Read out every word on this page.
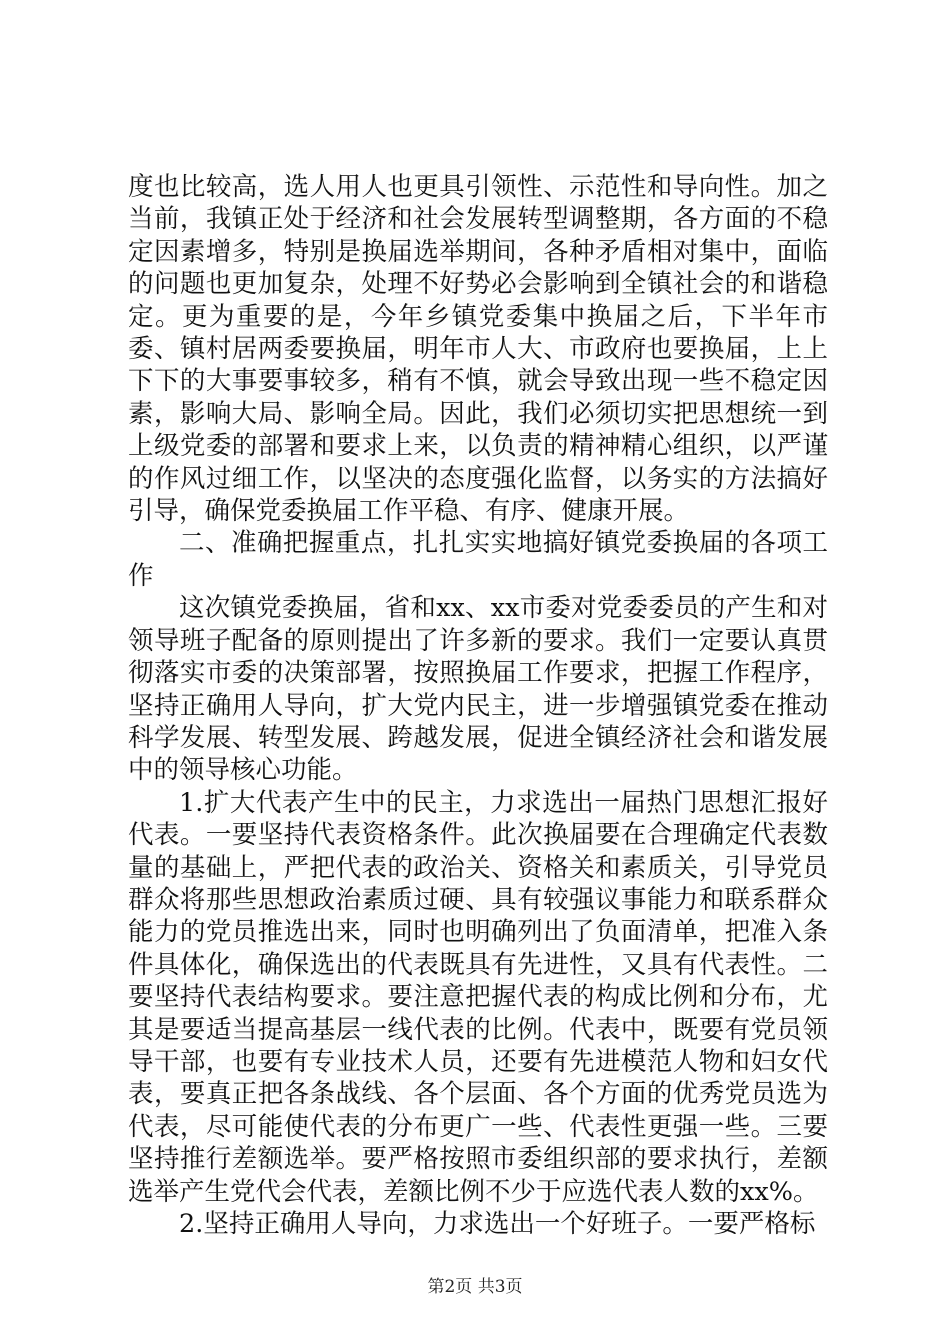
度也比较高，选人用人也更具引领性、示范性和导向性。加之当前，我镇正处于经济和社会发展转型调整期，各方面的不稳定因素增多，特别是换届选举期间，各种矛盾相对集中，面临的问题也更加复杂，处理不好势必会影响到全镇社会的和谐稳定。更为重要的是，今年乡镇党委集中换届之后，下半年市委、镇村居两委要换届，明年市人大、市政府也要换届，上上下下的大事要事较多，稍有不慎，就会导致出现一些不稳定因素，影响大局、影响全局。因此，我们必须切实把思想统一到上级党委的部署和要求上来，以负责的精神精心组织，以严谨的作风过细工作，以坚决的态度强化监督，以务实的方法搞好引导，确保党委换届工作平稳、有序、健康开展。

二、准确把握重点，扎扎实实地搞好镇党委换届的各项工作

这次镇党委换届，省和xx、xx市委对党委委员的产生和对领导班子配备的原则提出了许多新的要求。我们一定要认真贯彻落实市委的决策部署，按照换届工作要求，把握工作程序，坚持正确用人导向，扩大党内民主，进一步增强镇党委在推动科学发展、转型发展、跨越发展，促进全镇经济社会和谐发展中的领导核心功能。

1.扩大代表产生中的民主，力求选出一届热门思想汇报好代表。一要坚持代表资格条件。此次换届要在合理确定代表数量的基础上，严把代表的政治关、资格关和素质关，引导党员群众将那些思想政治素质过硬、具有较强议事能力和联系群众能力的党员推选出来，同时也明确列出了负面清单，把准入条件具体化，确保选出的代表既具有先进性，又具有代表性。二要坚持代表结构要求。要注意把握代表的构成比例和分布，尤其是要适当提高基层一线代表的比例。代表中，既要有党员领导干部，也要有专业技术人员，还要有先进模范人物和妇女代表，要真正把各条战线、各个层面、各个方面的优秀党员选为代表，尽可能使代表的分布更广一些、代表性更强一些。三要坚持推行差额选举。要严格按照市委组织部的要求执行，差额选举产生党代会代表，差额比例不少于应选代表人数的xx%。

2.坚持正确用人导向，力求选出一个好班子。一要严格标

第2页 共3页
